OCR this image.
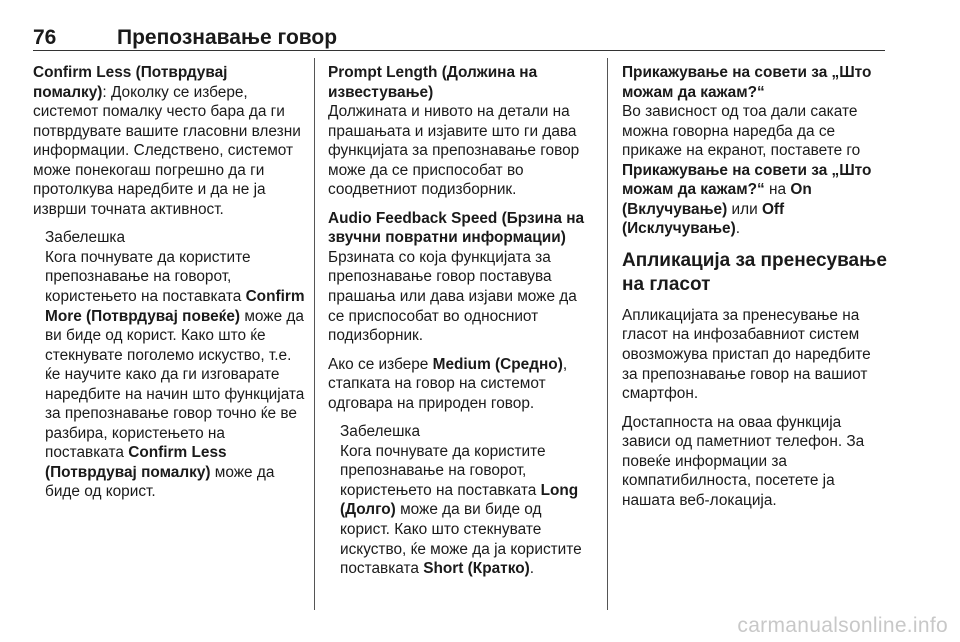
76	Препознавање говор

Confirm Less (Потврдувај помалку): Доколку се избере, системот помалку често бара да ги потврдувате вашите гласовни влезни информации. Следствено, системот може понекогаш погрешно да ги протолкува наредбите и да не ја изврши точната активност.

Забелешка

Кога почнувате да користите препознавање на говорот, користењето на поставката Confirm More (Потврдувај повеќе) може да ви биде од корист. Како што ќе стекнувате поголемо искуство, т.е. ќе научите како да ги изговарате наредбите на начин што функцијата за препознавање говор точно ќе ве разбира, користењето на поставката Confirm Less (Потврдувај помалку) може да биде од корист.

Prompt Length (Должина на известување)
Должината и нивото на детали на прашањата и изјавите што ги дава функцијата за препознавање говор може да се приспособат во соодветниот подизборник.

Audio Feedback Speed (Брзина на звучни повратни информации)
Брзината со која функцијата за препознавање говор поставува прашања или дава изјави може да се приспособат во односниот подизборник.

Ако се избере Medium (Средно), стапката на говор на системот одговара на природен говор.

Забелешка

Кога почнувате да користите препознавање на говорот, користењето на поставката Long (Долго) може да ви биде од корист. Како што стекнувате искуство, ќе може да ја користите поставката Short (Кратко).

Прикажување на совети за „Што можам да кажам?“
Во зависност од тоа дали сакате можна говорна наредба да се прикаже на екранот, поставете го Прикажување на совети за „Што можам да кажам?“ на On (Вклучување) или Off (Исклучување).

Апликација за пренесување на гласот

Апликацијата за пренесување на гласот на инфозабавниот систем овозможува пристап до наредбите за препознавање говор на вашиот смартфон.

Достапноста на оваа функција зависи од паметниот телефон. За повеќе информации за компатибилноста, посетете ја нашата веб-локација.

carmanualsonline.info
